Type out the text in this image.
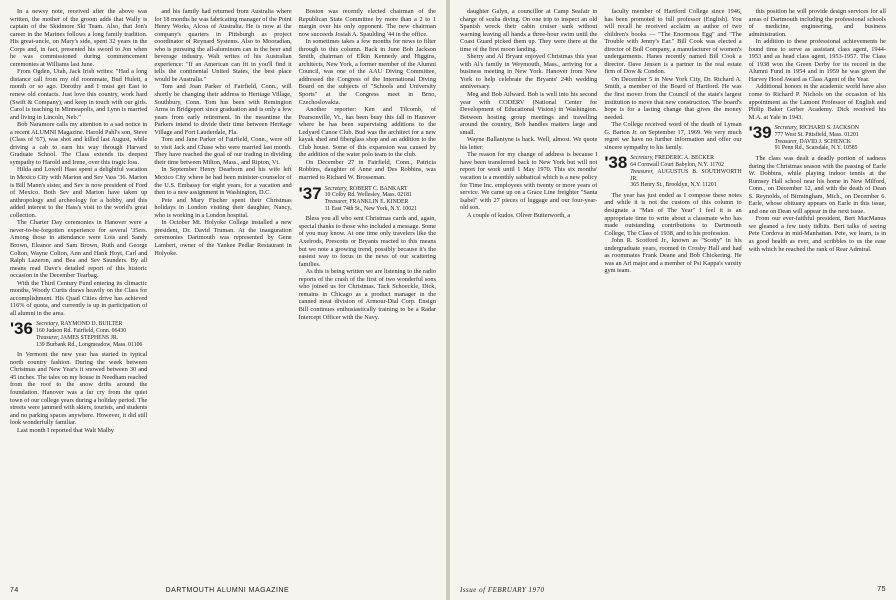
In a newsy note, received after the above was written, the mother of the groom adds that Wally is captain of the Skidmore Ski Team. Also, that Jon's career in the Marines follows a long family tradition. His great-uncle, on Mary's side, spent 32 years in the Corps and, in fact, presented his sword to Jon when he was commissioned during commencement ceremonies at Williams last June.

From Ogden, Utah, Jack Irish writes: "Had a long distance call from my old roommate, Bud Hulett, a month or so ago. Dorothy and I must get East to renew old contacts. Just love this country, work hard (Swift & Company), and keep in touch with our girls. Carol is teaching in Minneapolis, and Lynn is married and living in Lincoln, Neb."

Bob Naramore calls my attention to a sad notice in a recent ALUMNI Magazine. Harold Pahl's son, Steve (Class of '67), was shot and killed last August, while driving a cab to earn his way through Harvard Graduate School. The Class extends its deepest sympathy to Harold and Irene, over this tragic loss.

Hilda and Lowell Hass spent a delightful vacation in Mexico City with Marion and Sev Vass '36. Marion is Bill Mann's sister, and Sev is now president of Ford of Mexico. Both Sev and Marion have taken up anthropology and archeology for a hobby, and this added interest to the Hass's visit to the world's great collection.

The Charter Day ceremonies in Hanover were a never-to-be-forgotten experience for several '35ers. Among those in attendance were Lois and Sandy Brown, Eleanor and Sam Brown, Ruth and George Colton, Wayne Colton, Ann and Hank Hoyt, Carl and Ralph Lazeron, and Bea and Sev Saunders. By all means read Dave's detailed report of this historic occasion in the December Tearbag.

With the Third Century Fund entering its climactic months, Woody Curtis draws heavily on the Class for accomplishment. His Quad Cities drive has achieved 116% of quota, and currently is up in participation of all alumni in the area.

'36 Secretary, RAYMOND D. BUILTER
160 Judson Rd. Fairfield, Conn. 06430
Treasurer, JAMES STEPHENS JR.
139 Burbank Rd., Longmeadow, Mass. 01106

In Vermont the new year has started in typical north country fashion. During the week between Christmas and New Year's it snowed between 30 and 45 inches. The tales on my house in Needham reached from the roof to the snow drifts around the foundation. Hanover was a far cry from the quiet town of our college years during a holiday period. The streets were jammed with skiers, tourists, and students and no parking spaces anywhere. However, it did still look wonderfully familiar.

Last month I reported that Walt Malby

and his family had returned from Australia where for 18 months he was fabricating manager of the Point Henry Works, Alcoa of Australia. He is now at the company's quarters in Pittsburgh as project coordinator of Reynard Systems. Also to Mooradian, who is pursuing the all-aluminum can in the beer and beverage industry. Walt writes of his Australian experience: "If an American can fit in you'll find it tells the continental United States, the best place would be Australia."

Tom and Joan Parker of Fairfield, Conn., will shortly be changing their address to Heritage Village, Southbury, Conn. Tom has been with Remington Arms in Bridgeport since graduation and is only a few years from early retirement. In the meantime the Parkers intend to divide their time between Heritage Village and Fort Lauderdale, Fla.

Tom and Jane Parker of Fairfield, Conn., were off to visit Jack and Chase who were married last month. They have reached the goal of our trading in dividing their time between Milton, Mass., and Ripton, Vt.

In September Henry Dearborn and his wife left Mexico City where he had been minister-counselor of the U.S. Embassy for eight years, for a vacation and then to a new assignment in Washington, D.C.

Pete and Mary Fischer spent their Christmas holidays in London visiting their daughter, Nancy, who is working in a London hospital.

In October Mt. Holyoke College installed a new president, Dr. David Truman. At the inauguration ceremonies Dartmouth was represented by Gene Lambert, owner of the Yankee Pedlar Restaurant in Holyoke.

Boston was recently elected chairman of the Republican State Committee by more than a 2 to 1 margin over his only opponent. The new chairman now succeeds Josiah A. Spaulding '44 in the office.

In sometimes takes a few months for news to filter through to this column. Back in June Bob Jackson Smith, chairman of Elkin Kennedy and Higgins, architects, New York, a former member of the Alumni Council, was one of the AAU Diving Committee, addressed the Congress of the International Diving Board on the subjects of "Schools and University Sports" at the Congress meet in Brno, Czechoslovakia.

Another reporter: Ken and Tilcomb, of Pearsonville, Vt., has been busy this fall in Hanover where he has been supervising additions to the Ledyard Canoe Club. Bud was the architect for a new kayak shed and fiberglass shop and an addition to the Club house. Some of this expansion was caused by the addition of the water polo team to the club.

On December 27 in Fairfield, Conn., Patricia Robbins, daughter of Anne and Des Robbins, was married to Richard W. Brosseman.

'37 Secretary, ROBERT C. BANKART
10 Colby Rd. Wellesley, Mass. 02181
Treasurer, FRANKLIN E. KINDER
11 East 74th St., New York, N.Y. 10021

Bless you all who sent Christmas cards and, again, special thanks to those who included a message. Some of you may know. At one time only travelers like the Axelrods, Prescotts or Bryants reacted to this means but we note a growing trend, possibly because it's the easiest way to focus in the news of our scattering families.

As this is being written we are listening to the radio reports of the crash of the first of two wonderful sons who joined us for Christmas. Tack Schoeckle, Dick, remains in Chicago as a product manager in the canned meat division of Armour-Dial Corp. Ensign Bill continues enthusiastically training to be a Radar Intercept Officer with the Navy.

74	DARTMOUTH ALUMNI MAGAZINE

daughter Galyn, a councillor at Camp Seafair in charge of scuba diving. On one trip to inspect an old Spanish wreck their cabin cruiser sank without warning leaving all hands a three-hour swim until the Coast Guard picked them up. They were there at the time of the first moon landing.

Sherry and Al Bryant enjoyed Christmas this year with Al's family in Weymouth, Mass., arriving for a business meeting in New York. Hanover from New York to help celebrate the Bryants' 24th wedding anniversary.

Meg and Bob Ailward. Bob is well into his second year with CODERV (National Center for Development of Educational Vision) in Washington. Between hosting group meetings and travelling around the country, Bob handles matters large and small.

Wayne Ballantyne is back. Well, almost. We quote his letter:

The reason for my change of address is because I have been transferred back to New York but will not report for work until 1 May 1970. This six months' vacation is a monthly sabbatical which is a new policy for Time Inc. employees with twenty or more years of service. We came up on a Grace Line freighter "Santa Isabel" with 27 pieces of luggage and our four-year-old son.

A couple of kudos. Oliver Butterworth, a

faculty member of Hartford College since 1946, has been promoted to full professor (English). You will recall he received acclaim as author of two children's books — "The Enormous Egg" and "The Trouble with Jenny's Ear." Bill Cook was elected a director of Bull Company, a manufacturer of women's undergarments. Hanes recently named Bill Cook a director. Dave Jensen is a partner in the real estate firm of Dow & Condon.

On December 5 in New York City, Dr. Richard A. Smith, a member of the Board of Hartford. He was the first mover from the Council of the state's largest institution to move that new construction. The board's hope is for a lasting change that gives the money needed.

The College received word of the death of Lyman G. Barton Jr. on September 17, 1969. We very much regret we have no further information and offer our sincere sympathy to his family.

'38 Secretary, FREDERIC A. BECKER
64 Cornwall Court Babylon, N.Y. 11702
Treasurer, AUGUSTUS B. SOUTHWORTH JR.
365 Henry St., Brooklyn, N.Y. 11201

The year has just ended as I compose these notes and while it is not the custom of this column to designate a "Man of The Year" I feel it is an appropriate time to write about a classmate who has made outstanding contributions to Dartmouth College, The Class of 1938, and to his profession.

John R. Scotford Jr., known as "Scotty" in his undergraduate years, roomed in Crosby Hall and had as roommates Frank Deane and Bob Chickering. He was an Art major and a member of Psi Kappa's varsity gym team.

this position he will provide design services for all areas of Dartmouth including the professional schools of medicine, engineering, and business administration.

In addition to these professional achievements he found time to serve as assistant class agent, 1944-1953 and as head class agent, 1953-1957. The Class of 1938 won the Green Derby for its record in the Alumni Fund in 1954 and in 1959 he was given the Harvey Hood Award as Class Agent of the Year.

Additional honors in the academic world have also come to Richard P. Nichols on the occasion of his appointment as the Lamont Professor of English and Philip Baker Gerber Academy. Dick received his M.A. at Yale in 1943.

'39 Secretary, RICHARD S. JACKSON
777 West St. Pittsfield, Mass. 01201
Treasurer, DAVID J. SCHENCK
91 Penn Rd., Scarsdale, N.Y. 10585

The class was dealt a deadly portion of sadness during the Christmas season with the passing of Earle W. Dobbins, while playing indoor tennis at the Rumsey Hall school near his home in New Milford, Conn., on December 12, and with the death of Dean S. Reynolds, of Birmingham, Mich., on December 6. Earle, whose obituary appears on Earle in this issue, and one on Dean will appear in the next issue.

From our ever-faithful president, Bert MacManus we gleaned a few tasty tidbits. Bert talks of seeing Pete Cordova in mid-Manhattan. Pete, we learn, is in as good health as ever, and scribbles to us the ease with which he reached the rank of Rear Admiral.

Issue of FEBRUARY 1970	75
